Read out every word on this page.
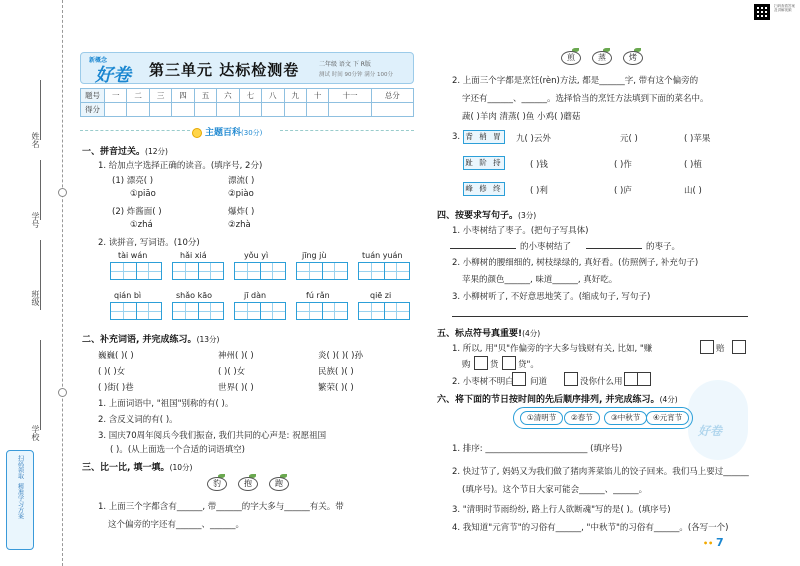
姓名
学号
班级
学校
扫码领取
精准学习方案
扫码查看答案及讲解视频
新概念
好卷 第三单元 达标检测卷	二年级 语文 下 R版
测试 时间 90分钟 满分 100分
题号	一	二	三	四	五	六	七	八	九	十	十一	总分
得分												
主题百科(30分)
一、拼音过关。(12分)
1. 给加点字选择正确的读音。(填序号, 2分)
(1) 漂亮( )	漂流( )
①piāo	②piào
(2) 炸酱面( )	爆炸( )
①zhá	②zhà
2. 读拼音, 写词语。(10分)
tài wán	hǎi xiá	yǒu yì	jīng jù	tuán yuán
qián bì	shǎo kāo	jī dàn	fú rǎn	qiē zi
二、补充词语, 并完成练习。(13分)
巍巍( )( )	神州( )( )	炎( )( )( )孙
( )( )女	( )( )女	民族( )( )
( )街( )巷	世界( )( )	繁荣( )( )
1. 上面词语中, "祖国"别称的有( )。
2. 含反义词的有( )。
3. 国庆70周年阅兵今我们振奋, 我们共同的心声是: 祝愿祖国
( )。(从上面选一个合适的词语填空)
三、比一比, 填一填。(10分)
豹	抱	跑
1. 上面三个字都含有______, 带______的字大多与______有关。带
这个偏旁的字还有______、______。
煎	蒸	烤
2. 上面三个字都是烹饪(rèn)方法, 都是______字, 带有这个偏旁的
字还有______、______。选择恰当的烹饪方法填到下面的菜名中。
蔬( )羊肉 清蒸( )鱼 小鸡( )蘑菇
3. 背 梢 胃
趾 阶 持
峰 修 终
九( )云外	元( )	( )苹果
( )钱	( )作	( )植
( )利	( )庐	山( )
四、按要求写句子。(3分)
1. 小枣树结了枣子。(把句子写具体)
的小枣树结了	的枣子。
2. 小柳树的腰细细的, 树枝绿绿的, 真好看。(仿照例子, 补充句子)
苹果的颜色______, 味道______, 真好吃。
3. 小柳树听了, 不好意思地笑了。(缩成句子, 写句子)
五、标点符号真重要!(4分)
1. 所以, 用"贝"作偏旁的字大多与钱财有关, 比如, "赚	赔
购 货 贷"。
2. 小枣树不明白 问道	没你什么用
六、将下面的节日按时间的先后顺序排列, 并完成练习。(4分)
好卷
①清明节	②春节	③中秋节	④元宵节
1. 排序: ________________________ (填序号)
2. 快过节了, 妈妈又为我们做了猪肉荠菜馅儿的饺子回来。我们马上要过______
(填序号)。这个节日大家可能会______、______。
3. "清明时节雨纷纷, 路上行人欲断魂"写的是( )。(填序号)
4. 我知道"元宵节"的习俗有______, "中秋节"的习俗有______。(各写一个)
•• 7
